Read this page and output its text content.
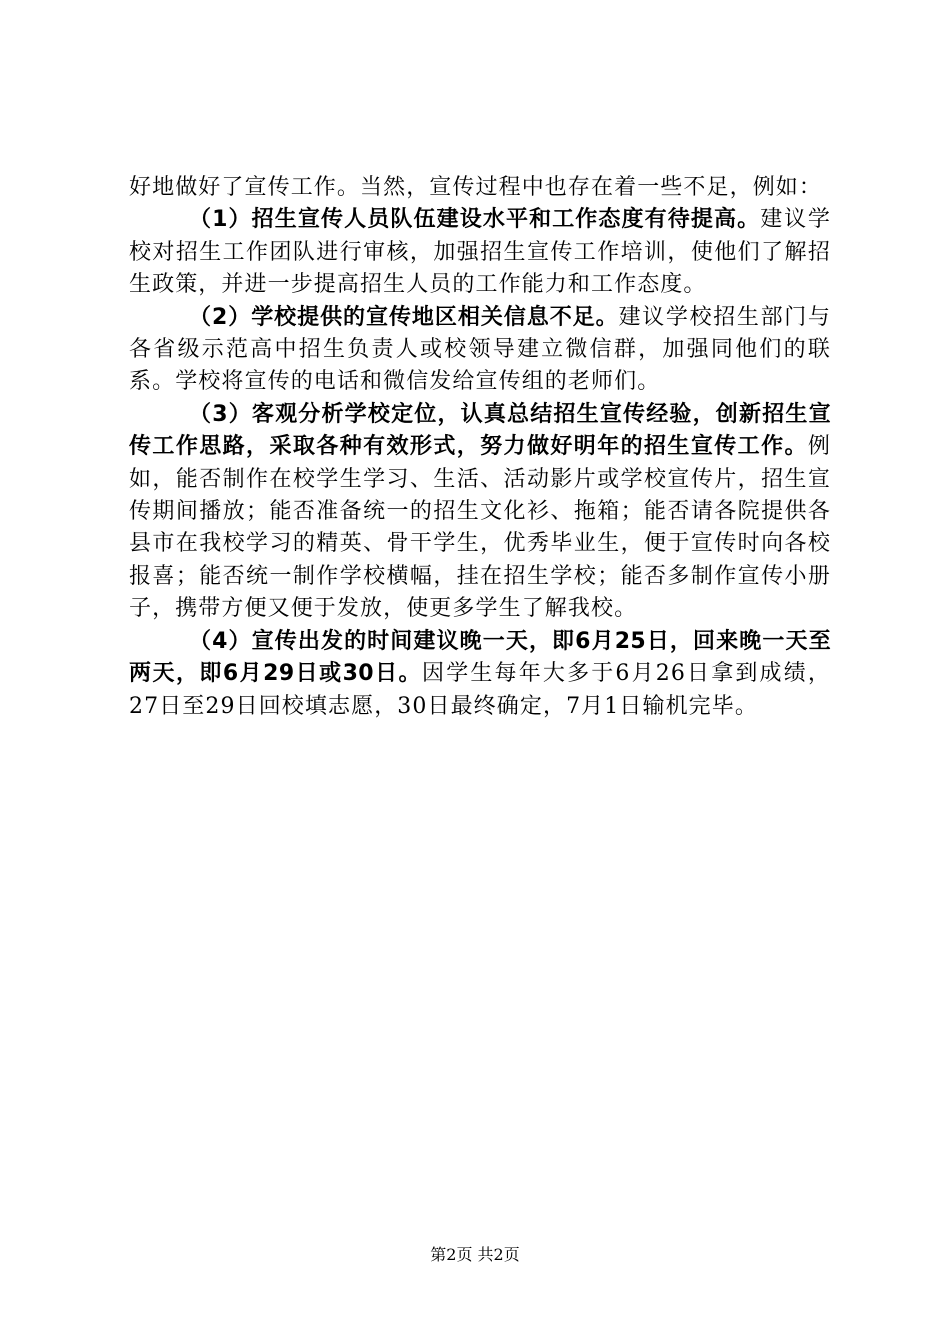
好地做好了宣传工作。当然，宣传过程中也存在着一些不足，例如：

（1）招生宣传人员队伍建设水平和工作态度有待提高。建议学校对招生工作团队进行审核，加强招生宣传工作培训，使他们了解招生政策，并进一步提高招生人员的工作能力和工作态度。

（2）学校提供的宣传地区相关信息不足。建议学校招生部门与各省级示范高中招生负责人或校领导建立微信群，加强同他们的联系。学校将宣传的电话和微信发给宣传组的老师们。

（3）客观分析学校定位，认真总结招生宣传经验，创新招生宣传工作思路，采取各种有效形式，努力做好明年的招生宣传工作。例如，能否制作在校学生学习、生活、活动影片或学校宣传片，招生宣传期间播放；能否准备统一的招生文化衫、拖箱；能否请各院提供各县市在我校学习的精英、骨干学生，优秀毕业生，便于宣传时向各校报喜；能否统一制作学校横幅，挂在招生学校；能否多制作宣传小册子，携带方便又便于发放，使更多学生了解我校。

（4）宣传出发的时间建议晚一天，即6月25日，回来晚一天至两天，即6月29日或30日。因学生每年大多于6月26日拿到成绩，27日至29日回校填志愿，30日最终确定，7月1日输机完毕。

第2页 共2页
